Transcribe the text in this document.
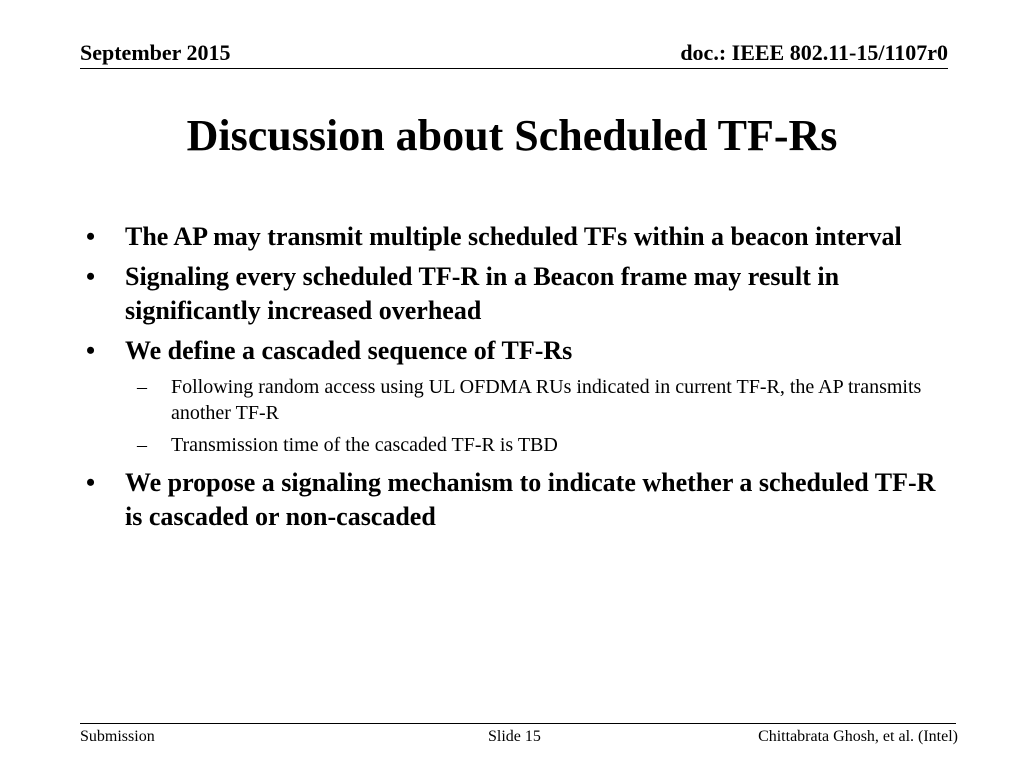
September 2015	doc.: IEEE 802.11-15/1107r0
Discussion about Scheduled TF-Rs
• The AP may transmit multiple scheduled TFs within a beacon interval
• Signaling every scheduled TF-R in a Beacon frame may result in significantly increased overhead
• We define a cascaded sequence of TF-Rs
– Following random access using UL OFDMA RUs indicated in current TF-R, the AP transmits another TF-R
– Transmission time of the cascaded TF-R is TBD
• We propose a signaling mechanism to indicate whether a scheduled TF-R is cascaded or non-cascaded
Submission	Slide 15	Chittabrata Ghosh, et al. (Intel)
